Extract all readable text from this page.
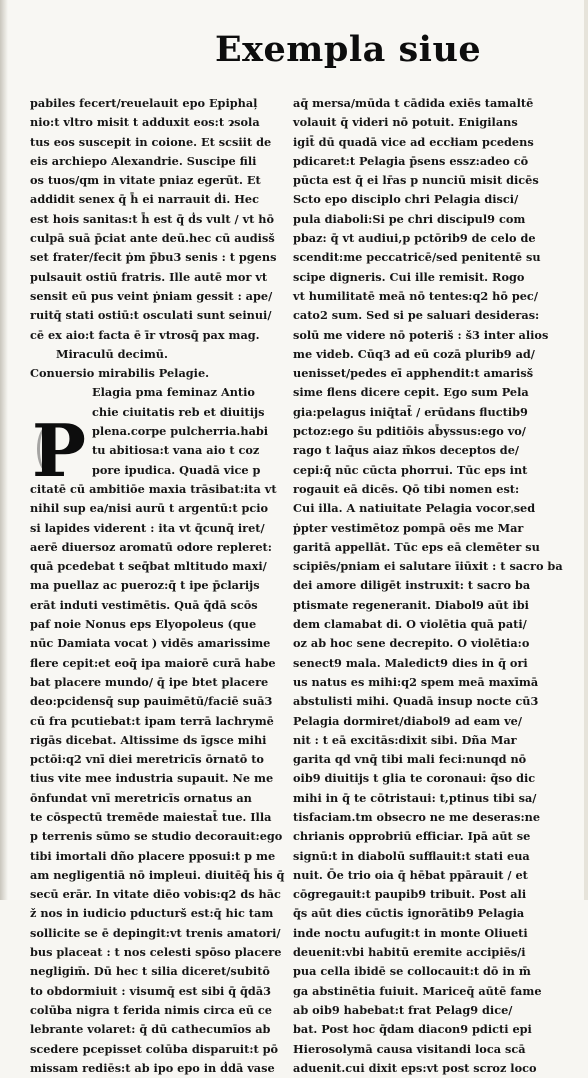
Exempla siue
P
pabiles fecert/reuelauit epo Epiphaļ
nio:t vltro misit t adduxit eos:t ɂsola
tus eos suscepit in coione. Et scsiit de
eis archiepo Alexandrie. Suscipe fili
os tuos/qm in vitate pniaz egerūt. Et
addidit senex q̄ h̄ ei narrauit ḋi. Hec
est hois sanitas:t h̄ est q̄ ḋs vult / vt hō
culpā suā p̄ciat ante deū.hec cū audisš
set frater/fecit ṗm p̄bu3 senis : t pgens
pulsauit ostiū fratris. Ille autē mor vt
sensit eū pus veint ṗniam gessit : ape/
ruitq̄ stati ostiū:t osculati sunt seinui/
cē ex aio:t facta ē ī̄r vtrosq̄ pax mag.
Miraculū decimū.
Conuersio mirabilis Pelagie.
Elagia pma feminaz Antio
chie ciuitatis reb et diuitijs
plena.corpe pulcherria.habi
tu abitiosa:t vana aio t coz
pore ipudica. Quadā vice p
citatē cū ambitiōe maxia trāsibat:ita vt
nihil sup ea/nisi aurū t argentū:t pcio
si lapides viderent : ita vt q̄cunq̄ iret/
aerē diuersoz aromatū odore repleret:
quā pcedebat t seq̄bat mltitudo maxi/
ma puellaz ac pueroz:q̄ t ipe p̄clarijs
erāt induti vestimētis. Quā q̄dā scōs
paf noie Nonus eps Elyopoleus (que
nūc Damiata vocat ) vidēs amarissime
flere cepit:et eoq̄ ipa maiorē curā habe
bat placere mundo/ q̄ ipe btet placere
deo:pcidensq̄ sup pauimētū/faciē suā3
cū fra pcutiebat:t ipam terrā lachrymē
rigās dicebat. Altissime ds īgsce mihi
pctōi:q2 vnī̄ diei meretricīs ōrnatō to
tius vite mee industria supauit. Ne me
ōnfundat vnī̄ meretricīs ornatus an
te cōspectū tremēde maiestat̄ tue. Illa
p terrenis sūmo se studio decorauit:ego
tibi imortali dño placere pposui:t p me
am negligentiā nō impleui. diuitēq̄ h̄is q̄
secū erār. In vitate diēo vobis:q2 ds hāc
ž nos in iudicio pducturš est:q̄ hic tam
sollicite se ē depingit:vt trenis amatori/
bus placeat : t nos celesti spōso placere
negligim̄. Dū hec t silia diceret/subitō
to obdormiuit : visumq̄ est sibi q̄ q̄dā3
colūba nigra t ferida nimis circa eū ce
lebrante volaret: q̄ dū cathecumīos ab
scedere pcepisset colūba disparuit:t pō
missam rediēs:t ab ipo epo in ḋdā vase
aq̄ mersa/mūda t cādida exiēs tamaltē
volauit q̄ videri nō potuit. Enigilans
igit̄ dū quadā vice ad eccłiam pcedens
pdicaret:t Pelagia p̄sens essz:adeo cō
pūcta est q̄ ei lr̄as p nunciū misit dicēs
Scto epo disciplo chri Pelagia disci/
pula diaboli:Si pe chri discipul9 com
pbaz: q̄ vt audiui,p pctōrib9 de celo de
scendit:me peccatricē/sed penitentē su
scipe digneris. Cui ille remisit. Rogo
vt humilitatē meā nō tentes:q2 hō pec/
cato2 sum. Sed si pe saluari desideras:
solū me videre nō poteriš : š3 inter alios
me videb. Cūq3 ad eū cozā plurib9 ad/
uenisset/pedes eī̄ apphendit:t amarisš
sime flens dicere cepit. Ego sum Pela
gia:pelagus iniq̄tat̄ / erūdans fluctib9
pctoz:ego s̄u pditiōis ab̄yssus:ego vo/
rago t laq̄us aiaz m̄kos deceptos de/
cepi:q̄ nūc cūcta phorrui. Tūc eps int
rogauit eā dicēs. Qō tibi nomen est:
Cui illa. A natiuitate Pelagia vocorˌsed
ṗpter vestimētoz pompā oēs me Mar
garitā appellāt. Tūc eps eā clemēter su
scipiēs/pniam ei salutare īiūxit : t sacro ba
dei amore diligēt instruxit: t sacro ba
ptismate regeneranit. Diabol9 aūt ibi
dem clamabat di. O violētia quā pati/
oz ab hoc sene decrepito. O violētia:o
senect9 mala. Maledict9 dies in q̄ ori
us natus es mihi:q2 spem meā maxīmā
abstulisti mihi. Quadā insup nocte cū3
Pelagia dormiret/diabol9 ad eam ve/
nit : t eā excitās:dixit sibi. Dña Mar
garita qd vnq̄ tibi mali feci:nunqd nō
oib9 diuitijs t glia te coronaui: q̄so dic
mihi in q̄ te cōtristaui: t,ptinus tibi sa/
tisfaciam.tm obsecro ne me deseras:ne
chrianis opprobriū efficiar. Ipā aūt se
signū:t in diabolū sufflauit:t stati eua
nuit. Ōe trio oia q̄ hēbat ppārauit / et
cōgregauit:t paupib9 tribuit. Post ali
q̄s aūt dies cūctis ignorātib9 Pelagia
inde noctu aufugit:t in monte Oliueti
deuenit:vbi habitū eremite accipiēs/i
pua cella ibidē se collocauit:t dō in m̄
ga abstinētia fuiuit. Mariceq̄ aūtē fame
ab oib9 habebat:t frat Pelag9 dice/
bat. Post hoc q̄dam diacon9 pdicti epi
Hierosolymā causa visitandi loca scā
aduenit.cui dixit eps:vt post scroz loco
